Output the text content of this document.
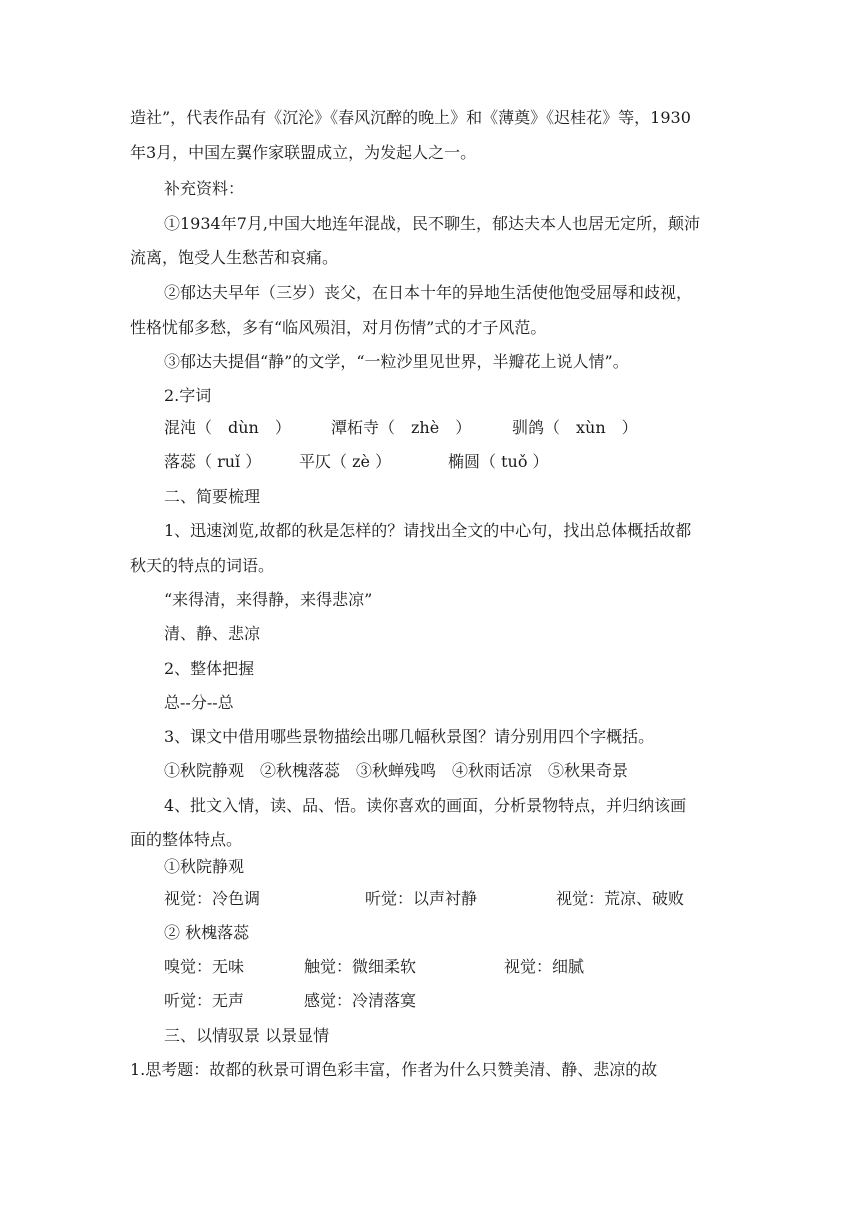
造社”，代表作品有《沉沦》《春风沉醉的晚上》和《薄奠》《迟桂花》等，1930
年3月，中国左翼作家联盟成立，为发起人之一。
补充资料：
①1934年7月,中国大地连年混战，民不聊生，郁达夫本人也居无定所，颠沛
流离，饱受人生愁苦和哀痛。
②郁达夫早年（三岁）丧父，在日本十年的异地生活使他饱受屈辱和歧视，
性格忧郁多愁，多有“临风殒泪，对月伤情”式的才子风范。
③郁达夫提倡“静”的文学，“一粒沙里见世界，半瓣花上说人情”。
2.字词
混沌（　dùn　）	潭柘寺（　zhè　）	驯鸽（　xùn　）
落蕊（ ruǐ ） 平仄（ zè ）	椭圆（ tuǒ ）
二、简要梳理
1、迅速浏览,故都的秋是怎样的？请找出全文的中心句，找出总体概括故都
秋天的特点的词语。
“来得清，来得静，来得悲凉”
清、静、悲凉
2、整体把握
总--分--总
3、课文中借用哪些景物描绘出哪几幅秋景图？请分别用四个字概括。
①秋院静观　②秋槐落蕊　③秋蝉残鸣　④秋雨话凉　⑤秋果奇景
4、批文入情，读、品、悟。读你喜欢的画面，分析景物特点，并归纳该画
面的整体特点。
①秋院静观
视觉：冷色调	听觉：以声衬静	视觉：荒凉、破败
② 秋槐落蕊
嗅觉：无味	触觉：微细柔软	视觉：细腻
听觉：无声	感觉：冷清落寞
三、以情驭景 以景显情
1.思考题：故都的秋景可谓色彩丰富，作者为什么只赞美清、静、悲凉的故
